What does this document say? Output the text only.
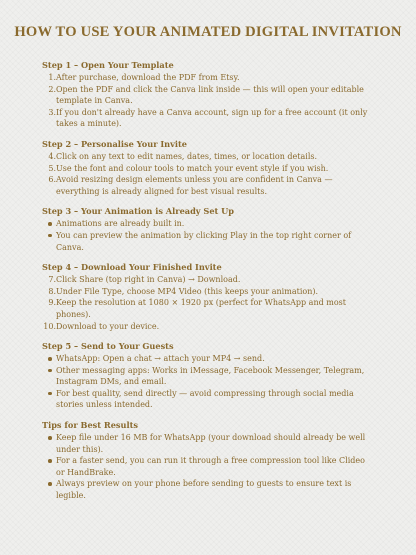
HOW TO USE YOUR ANIMATED DIGITAL INVITATION
Step 1 – Open Your Template
1. After purchase, download the PDF from Etsy.
2. Open the PDF and click the Canva link inside — this will open your editable template in Canva.
3. If you don't already have a Canva account, sign up for a free account (it only takes a minute).
Step 2 – Personalise Your Invite
4. Click on any text to edit names, dates, times, or location details.
5. Use the font and colour tools to match your event style if you wish.
6. Avoid resizing design elements unless you are confident in Canva — everything is already aligned for best visual results.
Step 3 – Your Animation is Already Set Up
Animations are already built in.
You can preview the animation by clicking Play in the top right corner of Canva.
Step 4 – Download Your Finished Invite
7. Click Share (top right in Canva) → Download.
8. Under File Type, choose MP4 Video (this keeps your animation).
9. Keep the resolution at 1080 × 1920 px (perfect for WhatsApp and most phones).
10. Download to your device.
Step 5 – Send to Your Guests
WhatsApp: Open a chat → attach your MP4 → send.
Other messaging apps: Works in iMessage, Facebook Messenger, Telegram, Instagram DMs, and email.
For best quality, send directly — avoid compressing through social media stories unless intended.
Tips for Best Results
Keep file under 16 MB for WhatsApp (your download should already be well under this).
For a faster send, you can run it through a free compression tool like Clideo or HandBrake.
Always preview on your phone before sending to guests to ensure text is legible.
